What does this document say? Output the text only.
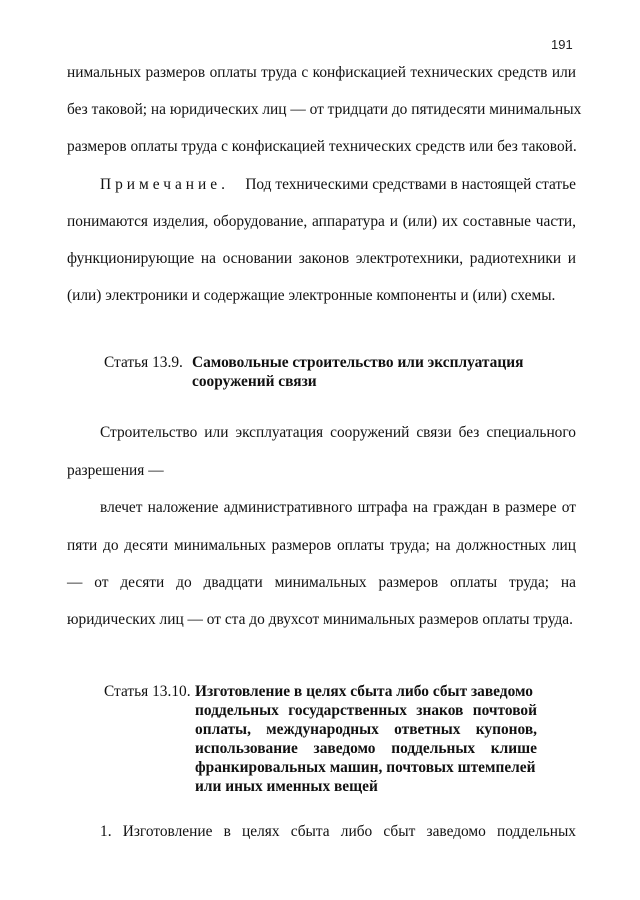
191
нимальных размеров оплаты труда с конфискацией технических средств или
без таковой; на юридических лиц — от тридцати до пятидесяти минимальных
размеров оплаты труда с конфискацией технических средств или без таковой.
Примечание. Под техническими средствами в настоящей статье
понимаются изделия, оборудование, аппаратура и (или) их составные части,
функционирующие на основании законов электротехники, радиотехники и
(или) электроники и содержащие электронные компоненты и (или) схемы.
Статья 13.9. Самовольные строительство или эксплуатация
сооружений связи
Строительство или эксплуатация сооружений связи без специального
разрешения —
влечет наложение административного штрафа на граждан в размере от
пяти до десяти минимальных размеров оплаты труда; на должностных лиц
— от десяти до двадцати минимальных размеров оплаты труда; на
юридических лиц — от ста до двухсот минимальных размеров оплаты труда.
Статья 13.10. Изготовление в целях сбыта либо сбыт заведомо
поддельных государственных знаков почтовой
оплаты, международных ответных купонов,
использование заведомо поддельных клише
франкировальных машин, почтовых штемпелей
или иных именных вещей
1. Изготовление в целях сбыта либо сбыт заведомо поддельных
